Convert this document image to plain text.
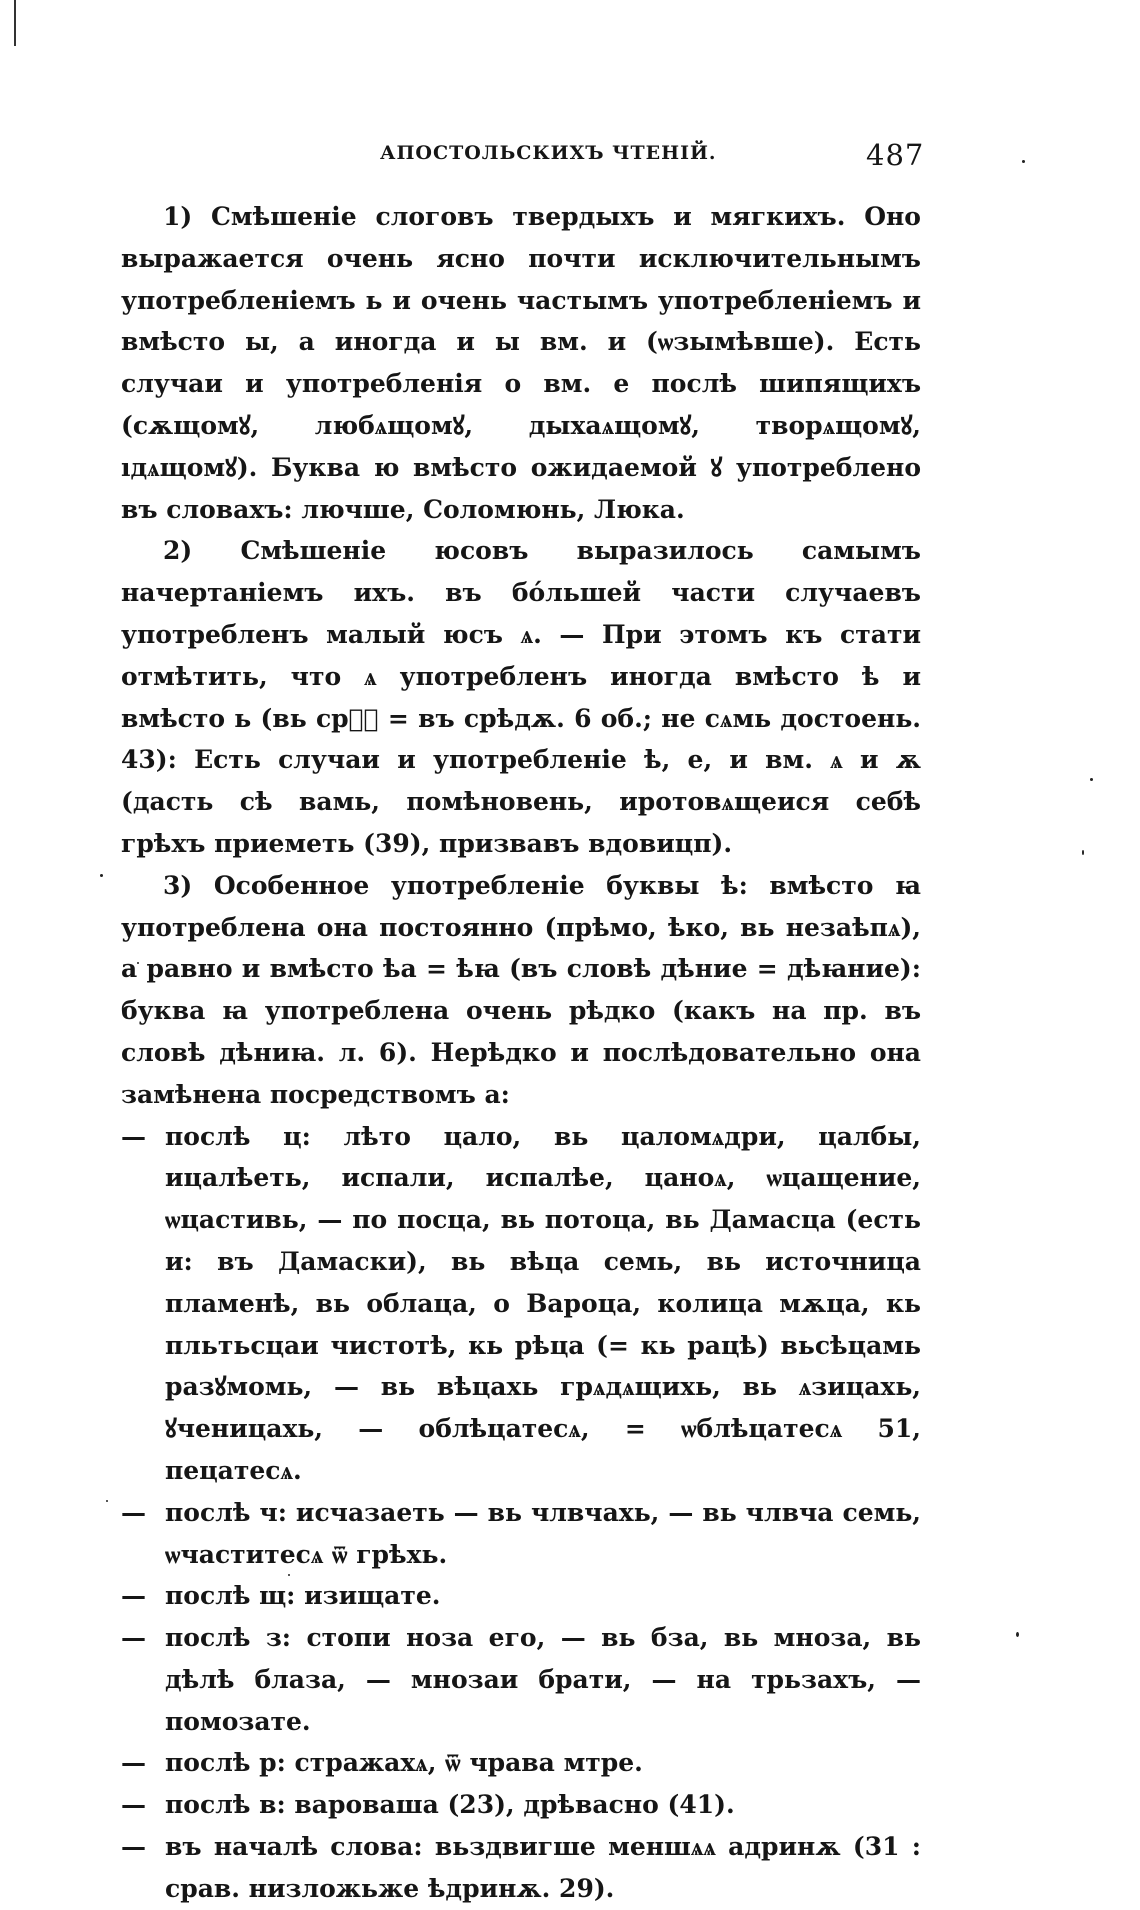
АПОСТОЛЬСКИХЪ ЧТЕНІЙ.	487

1) Смѣшеніе слоговъ твердыхъ и мягкихъ. Оно выражается очень ясно почти исключительнымъ употребленіемъ ь и очень частымъ употребленіемъ и вмѣсто ы, а иногда и ы вм. и (ѡзымѣвше). Есть случаи и употребленія о вм. е послѣ шипящихъ (сѫщомꙋ, любѧщомꙋ, дыхаѧщомꙋ, творѧщомꙋ, ıдѧщомꙋ). Буква ю вмѣсто ожидаемой ꙋ употреблено въ словахъ: лючше, Соломюнь, Люка.

2) Смѣшеніе юсовъ выразилось самымъ начертаніемъ ихъ. въ бо́льшей части случаевъ употребленъ малый юсъ ѧ. — При этомъ къ стати отмѣтить, что ѧ употребленъ иногда вмѣсто ѣ и вмѣсто ь (вь срⷭ҇ = въ срѣдѫ. 6 об.; не сѧмь достоень. 43): Есть случаи и употребленіе ѣ, е, и вм. ѧ и ѫ (дасть сѣ вамь, помѣновень, иротовѧщеися себѣ грѣхъ приеметь (39), призвавъ вдовицп).

3) Особенное употребленіе буквы ѣ: вмѣсто ꙗ употреблена она постоянно (прѣмо, ѣко, вь незаѣпѧ), а равно и вмѣсто ѣа = ѣꙗ (въ словѣ дѣние = дѣꙗние): буква ꙗ употреблена очень рѣдко (какъ на пр. въ словѣ дѣниꙗ. л. 6). Нерѣдко и послѣдовательно она замѣнена посредствомъ а:

— послѣ ц: лѣто цало, вь цаломѧдри, цалбы, ицалѣеть, испали, испалѣе, цаноѧ, ѡцащение, ѡцастивь, — по посца, вь потоца, вь Дамасца (есть и: въ Дамаски), вь вѣца семь, вь источница пламенѣ, вь облаца, о Вароца, колица мѫца, кь пльтьсцаи чистотѣ, кь рѣца (= кь рацѣ) вьсѣцамь разꙋмомь, — вь вѣцахь грѧдѧщихь, вь ѧзицахь, ꙋченицахь, — облѣцатесѧ, = ѡблѣцатесѧ 51, пецатесѧ.

— послѣ ч: исчазаеть — вь члвчахь, — вь члвча семь, ѡчаститесѧ ѿ грѣхь.

— послѣ щ: изищате.

— послѣ з: стопи ноза его, — вь бза, вь мноза, вь дѣлѣ блаза, — мнозаи брати, — на трьзахъ, — помозате.

— послѣ р: стражахѧ, ѿ чрава мтре.

— послѣ в: вароваша (23), дрѣвасно (41).

— въ началѣ слова: вьздвигше меншѧѧ адринѫ (31 : срав. низложьже ѣдринѫ. 29).
